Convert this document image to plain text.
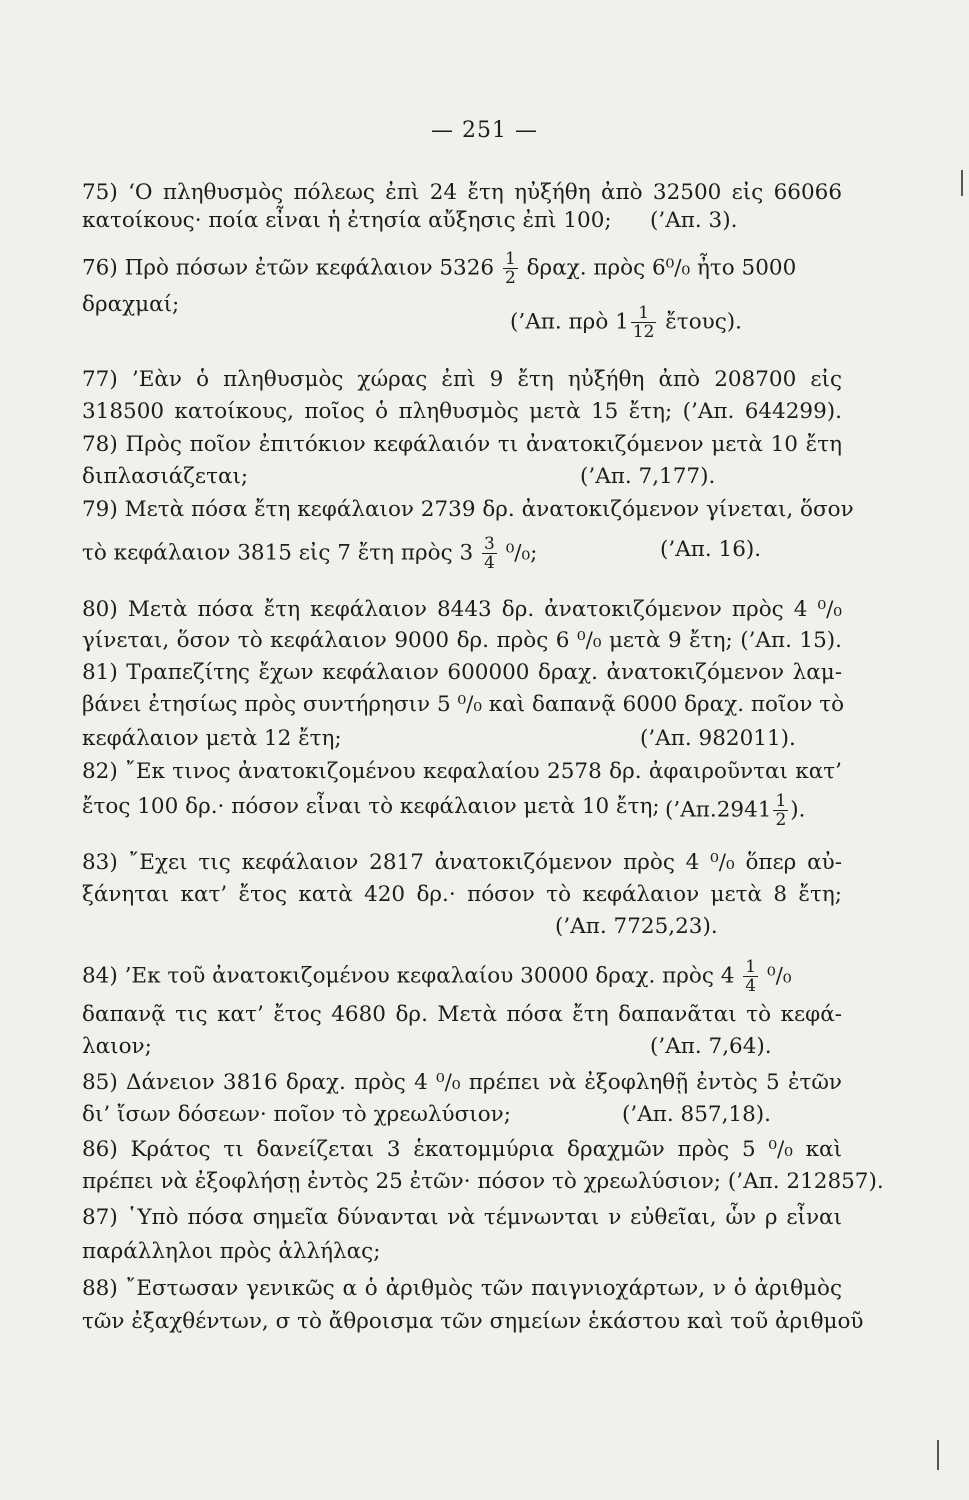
— 251 —
75) ‘Ο πληθυσμὸς πόλεως ἐπὶ 24 ἔτη ηὐξήθη ἀπὸ 32500 εἰς 66066
κατοίκους· ποία εἶναι ἡ ἐτησία αὔξησις ἐπὶ 100;	(’Απ. 3).
76) Πρὸ πόσων ἐτῶν κεφάλαιον $5326 \frac{1}{2} \delta\rho\alpha\chi$. πρὸς 6⁰/₀ ἦτο 5000
δραχμαί;
(’Απ. πρὸ $1 \frac{1}{12}$ ἔτους).
77) ’Εὰν ὁ πληθυσμὸς χώρας ἐπὶ 9 ἔτη ηὐξήθη ἀπὸ 208700 εἰς
318500 κατοίκους, ποῖος ὁ πληθυσμὸς μετὰ 15 ἔτη; (’Απ. 644299).
78) Πρὸς ποῖον ἐπιτόκιον κεφάλαιόν τι ἀνατοκιζόμενον μετὰ 10 ἔτη
διπλασιάζεται;	(’Απ. 7,177).
79) Μετὰ πόσα ἔτη κεφάλαιον 2739 δρ. ἀνατοκιζόμενον γίνεται, ὅσον
τὸ κεφάλαιον 3815 εἰς 7 ἔτη πρὸς $3 \frac{3}{4} ^0/_0$;	(’Απ. 16).
80) Μετὰ πόσα ἔτη κεφάλαιον 8443 δρ. ἀνατοκιζόμενον πρὸς 4 ⁰/₀
γίνεται, ὅσον τὸ κεφάλαιον 9000 δρ. πρὸς 6 ⁰/₀ μετὰ 9 ἔτη; (’Απ. 15).
81) Τραπεζίτης ἔχων κεφάλαιον 600000 δραχ. ἀνατοκιζόμενον λαμ-
βάνει ἐτησίως πρὸς συντήρησιν 5 ⁰/₀ καὶ δαπανᾷ 6000 δραχ. ποῖον τὸ
κεφάλαιον μετὰ 12 ἔτη;	(’Απ. 982011).
82) ῎Εκ τινος ἀνατοκιζομένου κεφαλαίου 2578 δρ. ἀφαιροῦνται κατ’
ἔτος 100 δρ.· πόσον εἶναι τὸ κεφάλαιον μετὰ 10 ἔτη; (’Απ.2941 $\frac{1}{2}$ ).
83) ῎Εχει τις κεφάλαιον 2817 ἀνατοκιζόμενον πρὸς 4 ⁰/₀ ὅπερ αὐ-
ξάνηται κατ’ ἔτος κατὰ 420 δρ.· πόσον τὸ κεφάλαιον μετὰ 8 ἔτη;
(’Απ. 7725,23).
84) ’Εκ τοῦ ἀνατοκιζομένου κεφαλαίου 30000 δραχ. πρὸς $4 \frac{1}{4} ^0/_0$
δαπανᾷ τις κατ’ ἔτος 4680 δρ. Μετὰ πόσα ἔτη δαπανᾶται τὸ κεφά-
λαιον;	(’Απ. 7,64).
85) Δάνειον 3816 δραχ. πρὸς 4 ⁰/₀ πρέπει νὰ ἐξοφληθῇ ἐντὸς 5 ἐτῶν
δι’ ἴσων δόσεων· ποῖον τὸ χρεωλύσιον;	(’Απ. 857,18).
86) Κράτος τι δανείζεται 3 ἑκατομμύρια δραχμῶν πρὸς 5 ⁰/₀ καὶ
πρέπει νὰ ἐξοφλήσῃ ἐντὸς 25 ἐτῶν· πόσον τὸ χρεωλύσιον; (’Απ. 212857).
87) ῾Υπὸ πόσα σημεῖα δύνανται νὰ τέμνωνται ν εὐθεῖαι, ὧν ρ εἶναι
παράλληλοι πρὸς ἀλλήλας;
88) ῎Εστωσαν γενικῶς α ὁ ἀριθμὸς τῶν παιγνιοχάρτων, ν ὁ ἀριθμὸς
τῶν ἐξαχθέντων, σ τὸ ἄθροισμα τῶν σημείων ἑκάστου καὶ τοῦ ἀριθμοῦ
